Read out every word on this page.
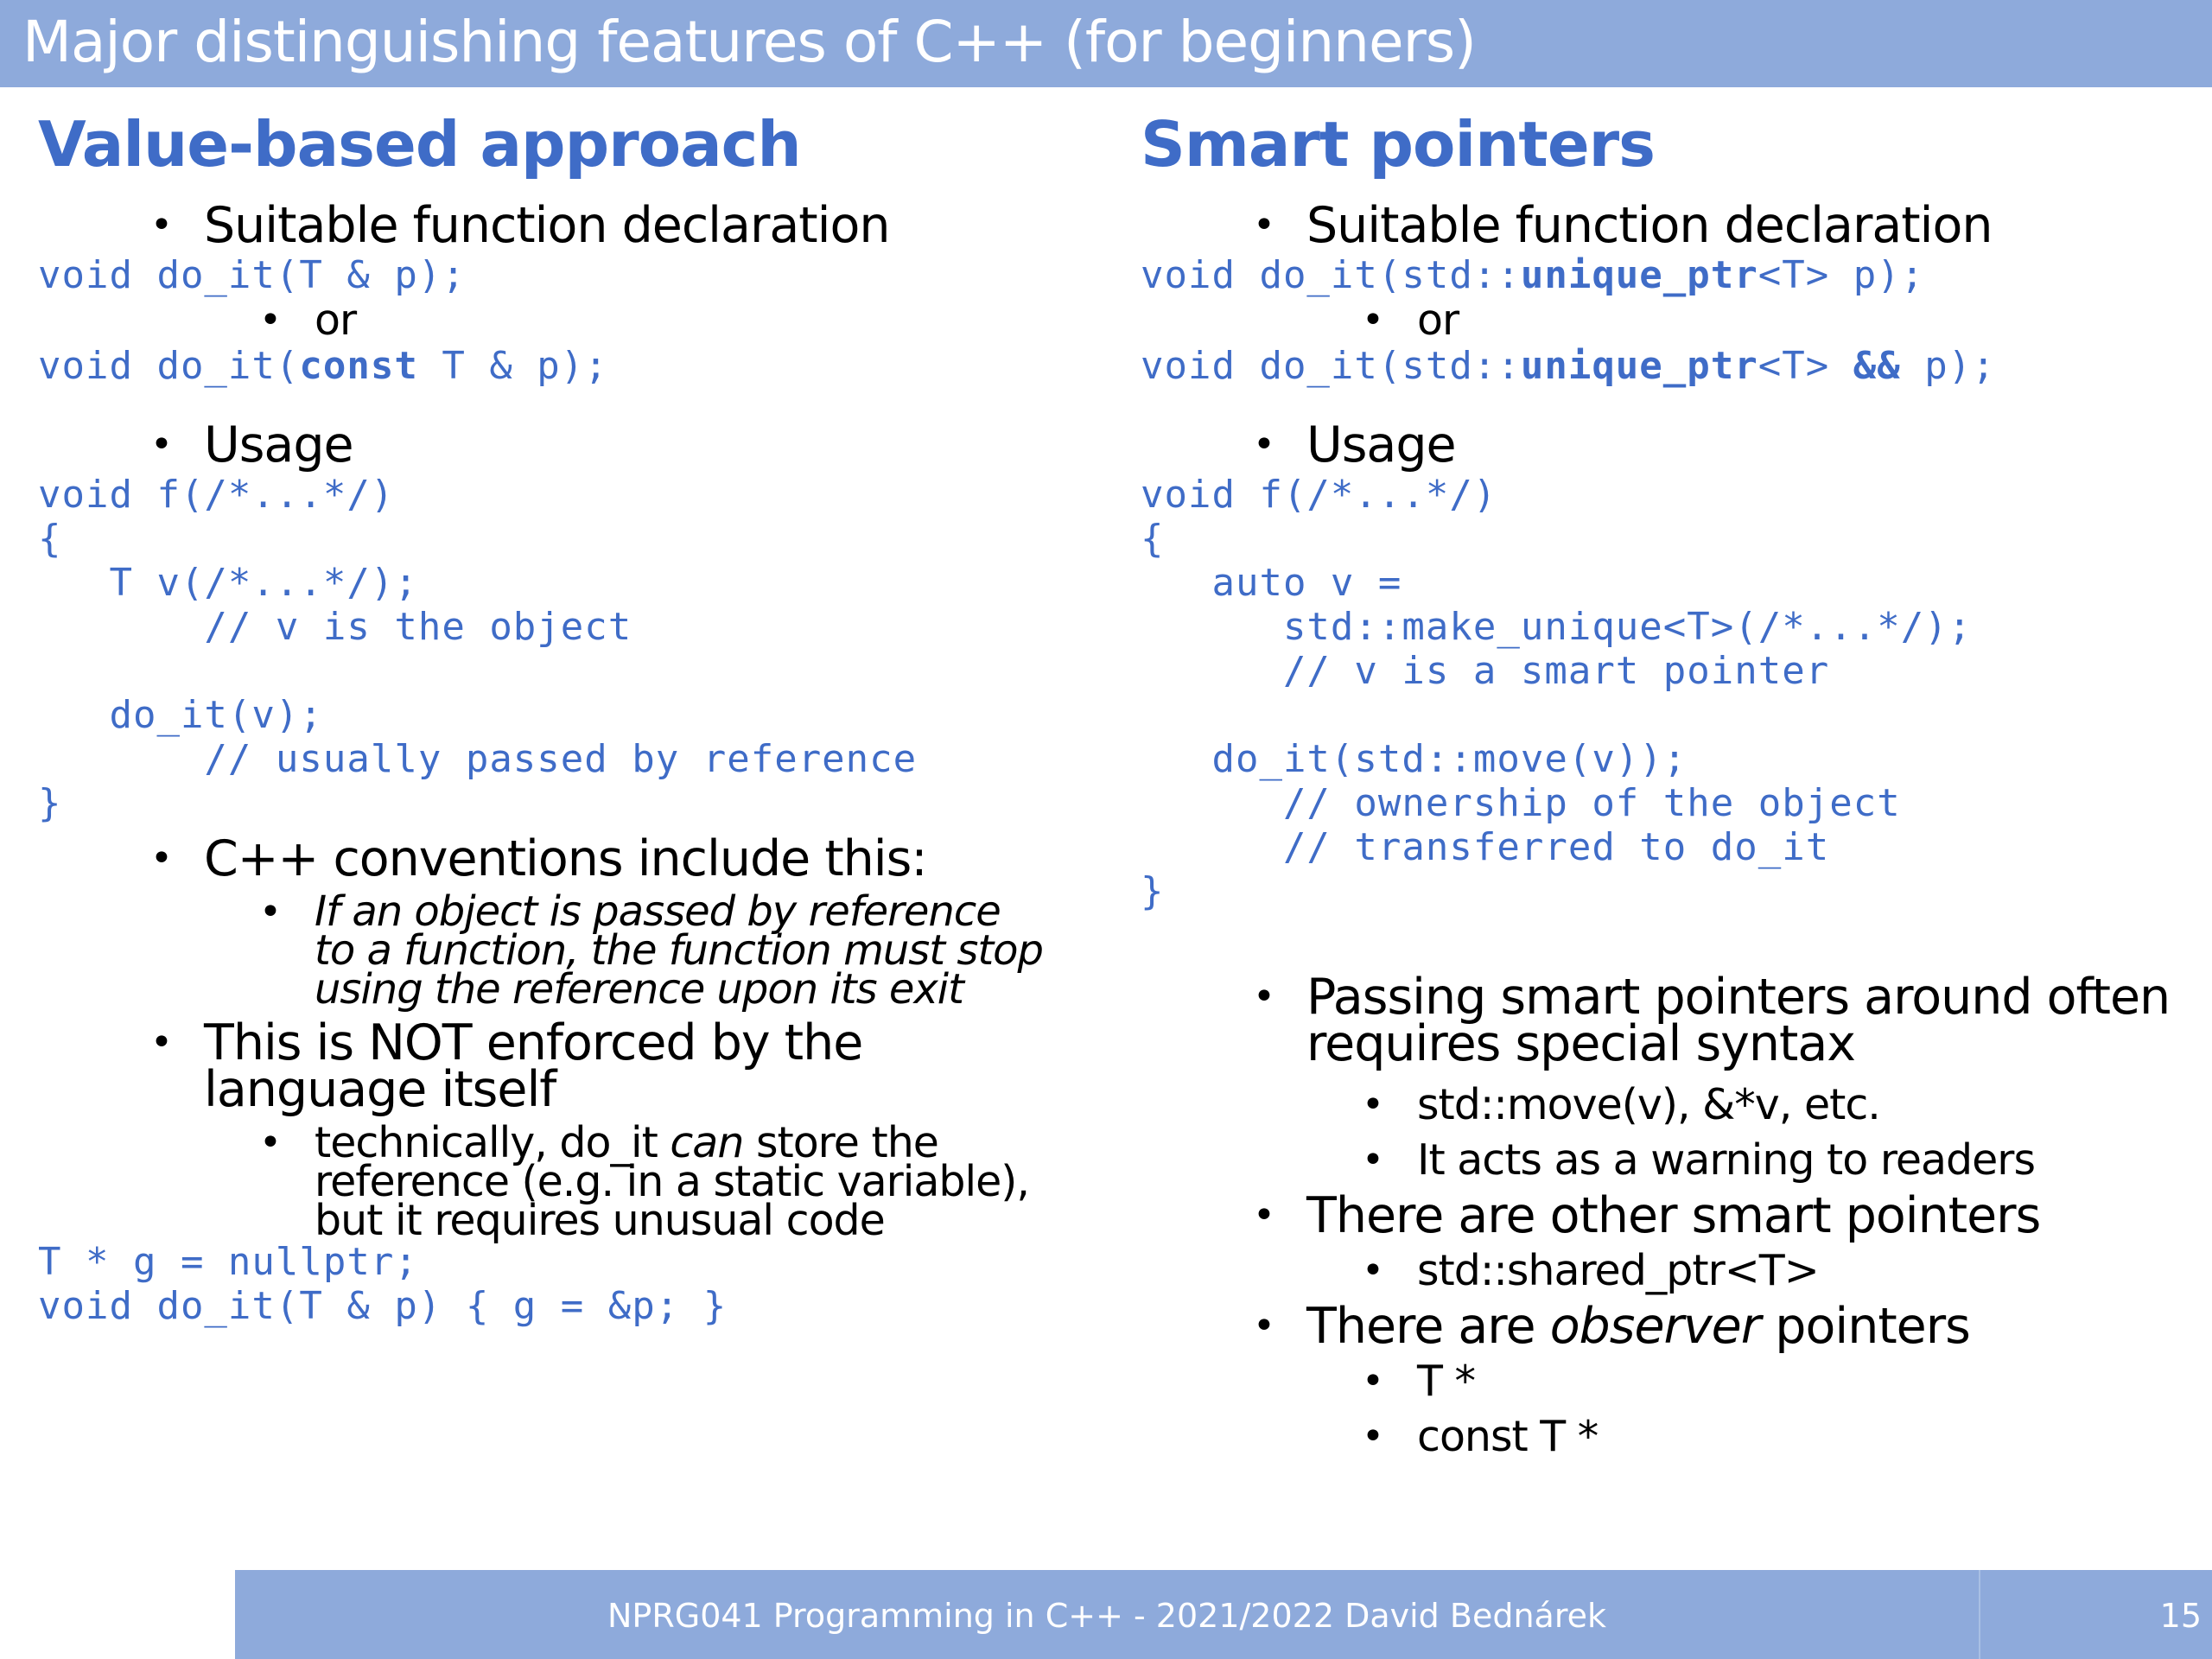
Major distinguishing features of C++ (for beginners)
Value-based approach
• Suitable function declaration
void do_it(T & p);
• or
void do_it(const T & p);
• Usage
void f(/*...*/)
{
T v(/*...*/);
// v is the object

do_it(v);
// usually passed by reference
}
• C++ conventions include this:
• If an object is passed by reference
to a function, the function must stop
using the reference upon its exit
• This is NOT enforced by the
language itself
• technically, do_it can store the
reference (e.g. in a static variable),
but it requires unusual code
T * g = nullptr;
void do_it(T & p) { g = &p; }
Smart pointers
• Suitable function declaration
void do_it(std::unique_ptr<T> p);
• or
void do_it(std::unique_ptr<T> && p);
• Usage
void f(/*...*/)
{
auto v =
std::make_unique<T>(/*...*/);
// v is a smart pointer

do_it(std::move(v));
// ownership of the object
// transferred to do_it
}
• Passing smart pointers around often
requires special syntax
• std::move(v), &*v, etc.
• It acts as a warning to readers
• There are other smart pointers
• std::shared_ptr<T>
• There are observer pointers
• T *
• const T *
NPRG041 Programming in C++ - 2021/2022 David Bednárek	15
